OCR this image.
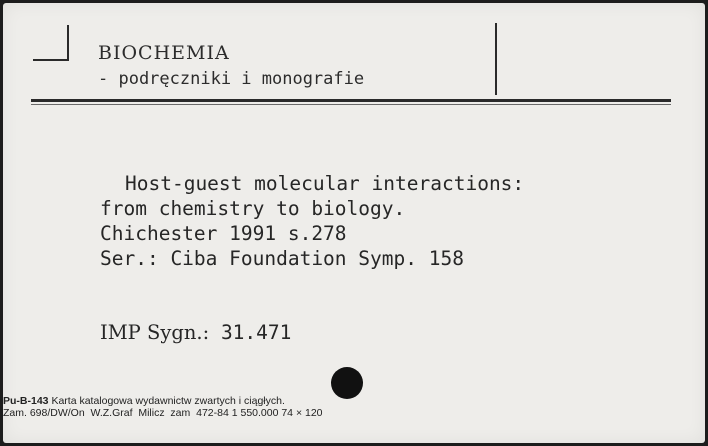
BIOCHEMIA
- podręczniki i monografie
Host-guest molecular interactions:
from chemistry to biology.
Chichester 1991 s.278
Ser.: Ciba Foundation Symp. 158
IMP Sygn.: 31.471
Pu-B-143 Karta katalogowa wydawnictw zwartych i ciągłych.
Zam. 698/DW/On  W.Z.Graf  Milicz  zam  472-84 1 550.000 74 × 120
